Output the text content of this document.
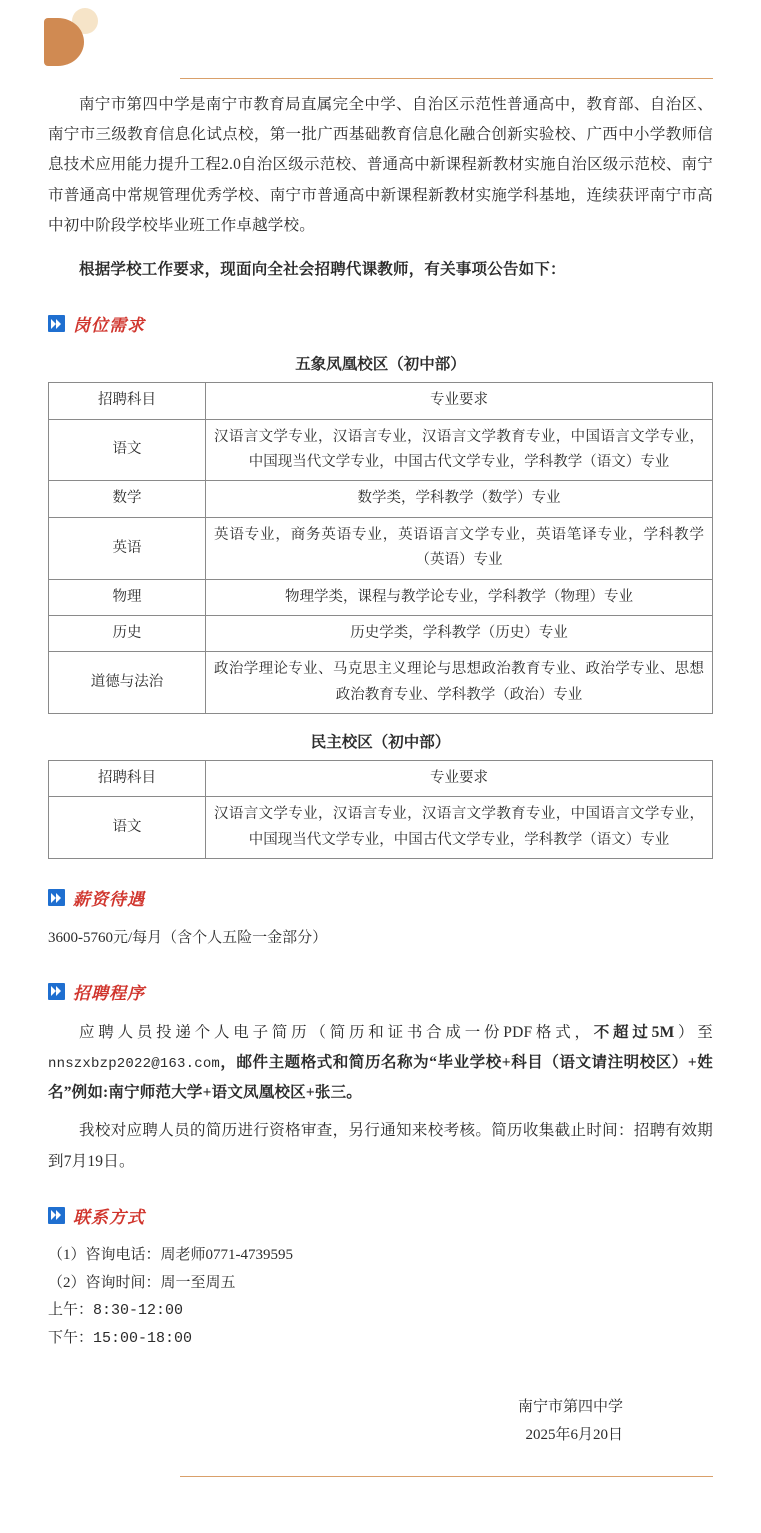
南宁市第四中学是南宁市教育局直属完全中学、自治区示范性普通高中，教育部、自治区、南宁市三级教育信息化试点校，第一批广西基础教育信息化融合创新实验校、广西中小学教师信息技术应用能力提升工程2.0自治区级示范校、普通高中新课程新教材实施自治区级示范校、南宁市普通高中常规管理优秀学校、南宁市普通高中新课程新教材实施学科基地，连续获评南宁市高中初中阶段学校毕业班工作卓越学校。

根据学校工作要求，现面向全社会招聘代课教师，有关事项公告如下：

岗位需求
五象凤凰校区（初中部）
招聘科目	专业要求
语文	汉语言文学专业，汉语言专业，汉语言文学教育专业，中国语言文学专业，中国现当代文学专业，中国古代文学专业，学科教学（语文）专业
数学	数学类，学科教学（数学）专业
英语	英语专业，商务英语专业，英语语言文学专业，英语笔译专业，学科教学（英语）专业
物理	物理学类，课程与教学论专业，学科教学（物理）专业
历史	历史学类，学科教学（历史）专业
道德与法治	政治学理论专业、马克思主义理论与思想政治教育专业、政治学专业、思想政治教育专业、学科教学（政治）专业
民主校区（初中部）
招聘科目	专业要求
语文	汉语言文学专业，汉语言专业，汉语言文学教育专业，中国语言文学专业，中国现当代文学专业，中国古代文学专业，学科教学（语文）专业
薪资待遇

3600-5760元/每月（含个人五险一金部分）

招聘程序

应聘人员投递个人电子简历（简历和证书合成一份PDF格式，不超过5M）至nnszxbzp2022@163.com，邮件主题格式和简历名称为“毕业学校+科目（语文请注明校区）+姓名”例如:南宁师范大学+语文凤凰校区+张三。

我校对应聘人员的简历进行资格审查，另行通知来校考核。简历收集截止时间：招聘有效期到7月19日。

联系方式

（1）咨询电话：周老师0771-4739595

（2）咨询时间：周一至周五

上午：8:30-12:00

下午：15:00-18:00

南宁市第四中学

2025年6月20日
